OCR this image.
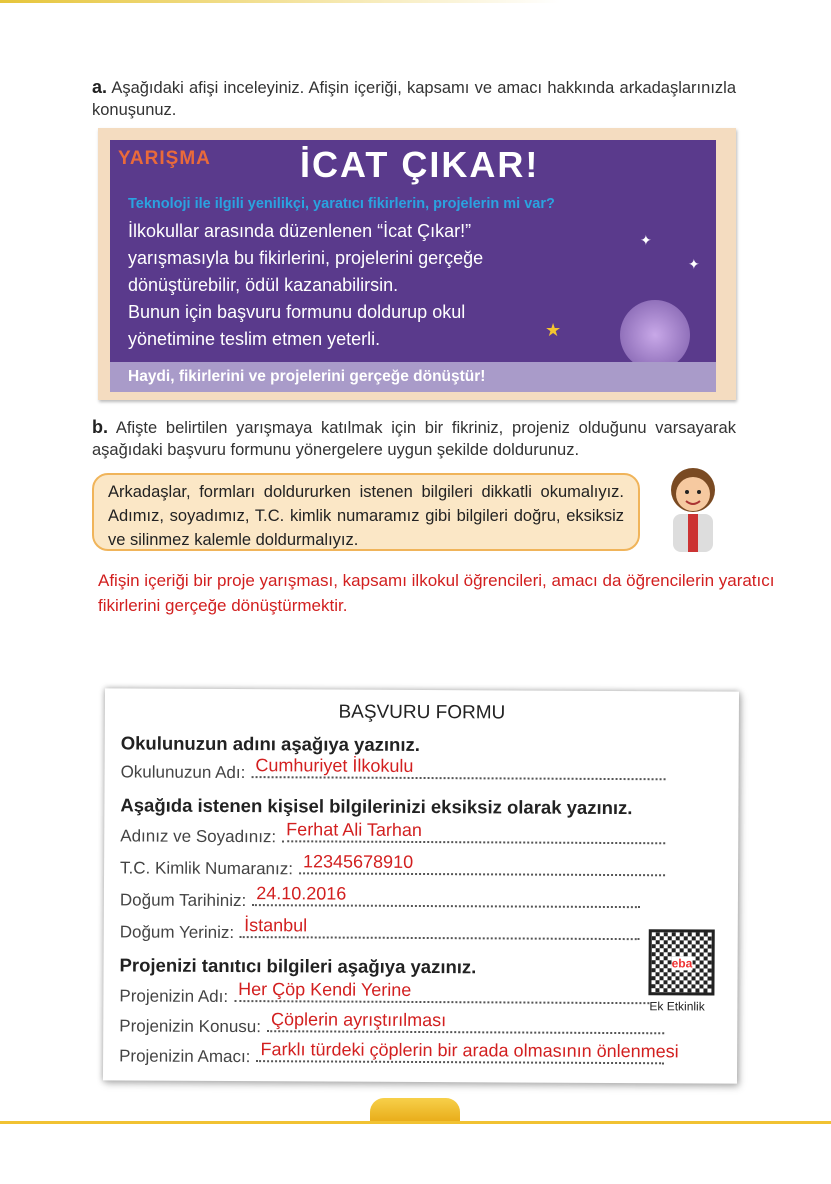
a. Aşağıdaki afişi inceleyiniz. Afişin içeriği, kapsamı ve amacı hakkında arkadaşlarınızla konuşunuz.

YARIŞMA İCAT ÇIKAR!
Teknoloji ile ilgili yenilikçi, yaratıcı fikirlerin, projelerin mi var?
İlkokullar arasında düzenlenen “İcat Çıkar!”
yarışmasıyla bu fikirlerini, projelerini gerçeğe
dönüştürebilir, ödül kazanabilirsin.
Bunun için başvuru formunu doldurup okul
yönetimine teslim etmen yeterli.
✦
✦
★
Haydi, fikirlerini ve projelerini gerçeğe dönüştür!

b. Afişte belirtilen yarışmaya katılmak için bir fikriniz, projeniz olduğunu varsayarak aşağıdaki başvuru formunu yönergelere uygun şekilde doldurunuz.

Arkadaşlar, formları doldururken istenen bilgileri dikkatli okumalıyız. Adımız, soyadımız, T.C. kimlik numaramız gibi bilgileri doğru, eksiksiz ve silinmez kalemle doldurmalıyız.
Afişin içeriği bir proje yarışması, kapsamı ilkokul öğrencileri, amacı da öğrencilerin yaratıcı fikirlerini gerçeğe dönüştürmektir.
BAŞVURU FORMU
Okulunuzun adını aşağıya yazınız.
Okulunuzun Adı: Cumhuriyet İlkokulu
Aşağıda istenen kişisel bilgilerinizi eksiksiz olarak yazınız.
Adınız ve Soyadınız: Ferhat Ali Tarhan
T.C. Kimlik Numaranız: 12345678910
Doğum Tarihiniz: 24.10.2016
Doğum Yeriniz: İstanbul
Projenizi tanıtıcı bilgileri aşağıya yazınız.
Projenizin Adı: Her Çöp Kendi Yerine
Projenizin Konusu: Çöplerin ayrıştırılması
Projenizin Amacı: Farklı türdeki çöplerin bir arada olmasının önlenmesi
eba
Ek Etkinlik
